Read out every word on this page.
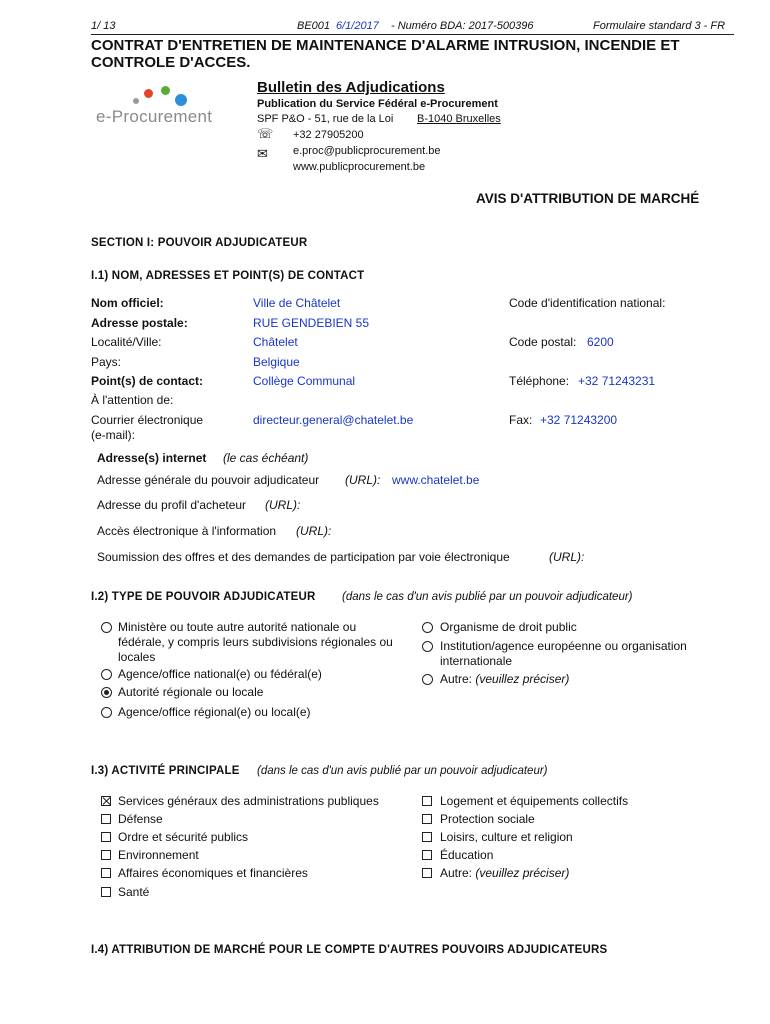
1/ 13	BE001 6/1/2017 - Numéro BDA: 2017-500396	Formulaire standard 3 - FR
CONTRAT D'ENTRETIEN DE MAINTENANCE D'ALARME INTRUSION, INCENDIE ET CONTROLE D'ACCES.
e-Procurement
Bulletin des Adjudications
Publication du Service Fédéral e-Procurement
SPF P&O - 51, rue de la Loi B-1040 Bruxelles
☏ +32 27905200
✉ e.proc@publicprocurement.be
www.publicprocurement.be
AVIS D'ATTRIBUTION DE MARCHÉ
SECTION I: POUVOIR ADJUDICATEUR
I.1) NOM, ADRESSES ET POINT(S) DE CONTACT
Nom officiel:	Ville de Châtelet	Code d'identification national:
Adresse postale:	RUE GENDEBIEN 55
Localité/Ville:	Châtelet	Code postal: 6200
Pays:	Belgique
Point(s) de contact:	Collège Communal	Téléphone: +32 71243231
À l'attention de:
Courrier électronique
(e-mail):
directeur.general@chatelet.be	Fax: +32 71243200
Adresse(s) internet (le cas échéant)
Adresse générale du pouvoir adjudicateur (URL): www.chatelet.be
Adresse du profil d'acheteur (URL):
Accès électronique à l'information (URL):
Soumission des offres et des demandes de participation par voie électronique	(URL):
I.2) TYPE DE POUVOIR ADJUDICATEUR (dans le cas d'un avis publié par un pouvoir adjudicateur)
Ministère ou toute autre autorité nationale ou fédérale, y compris leurs subdivisions régionales ou locales
Agence/office national(e) ou fédéral(e)
Autorité régionale ou locale
Agence/office régional(e) ou local(e)
Organisme de droit public
Institution/agence européenne ou organisation internationale
Autre: (veuillez préciser)
I.3) ACTIVITÉ PRINCIPALE (dans le cas d'un avis publié par un pouvoir adjudicateur)
Services généraux des administrations publiques
Défense
Ordre et sécurité publics
Environnement
Affaires économiques et financières
Santé
Logement et équipements collectifs
Protection sociale
Loisirs, culture et religion
Éducation
Autre: (veuillez préciser)
I.4) ATTRIBUTION DE MARCHÉ POUR LE COMPTE D'AUTRES POUVOIRS ADJUDICATEURS
